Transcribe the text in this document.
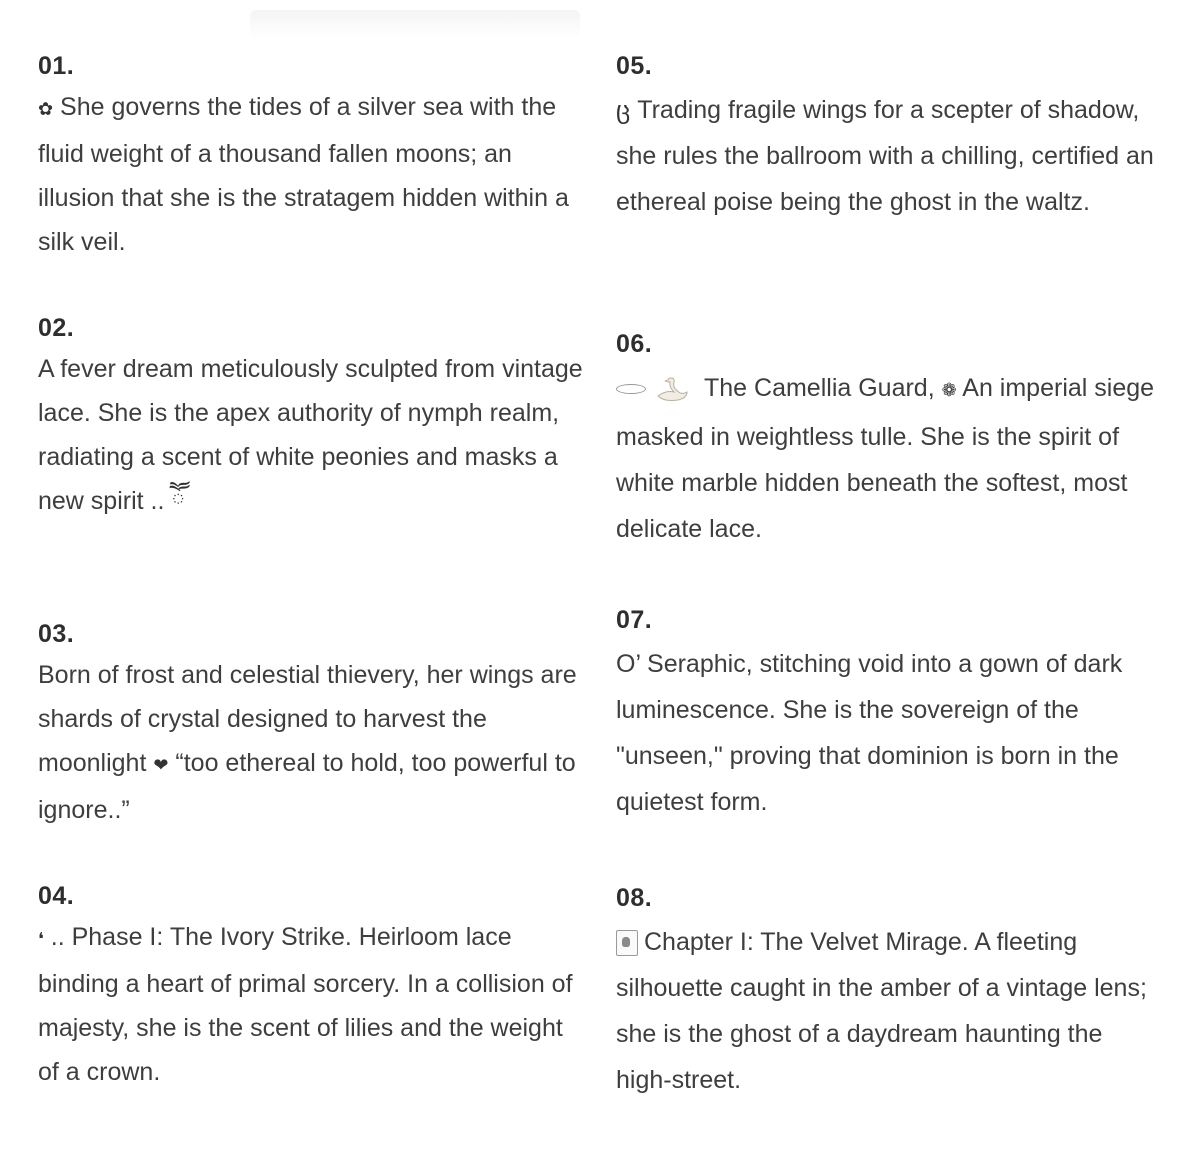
01.

✿ She governs the tides of a silver sea with the fluid weight of a thousand fallen moons; an illusion that she is the stratagem hidden within a silk veil.

02.

A fever dream meticulously sculpted from vintage lace. She is the apex authority of nymph realm, radiating a scent of white peonies and masks a new spirit .. ཽ

03.

Born of frost and celestial thievery, her wings are shards of crystal designed to harvest the moonlight ❤ “too ethereal to hold, too powerful to ignore..”

04.

❛ .. Phase I: The Ivory Strike. Heirloom lace binding a heart of primal sorcery. In a collision of majesty, she is the scent of lilies and the weight of a crown.

05.

ც Trading fragile wings for a scepter of shadow, she rules the ballroom with a chilling, certified an ethereal poise being the ghost in the waltz.

06.

The Camellia Guard, ❁ An imperial siege masked in weightless tulle. She is the spirit of white marble hidden beneath the softest, most delicate lace.

07.

O’ Seraphic, stitching void into a gown of dark luminescence. She is the sovereign of the "unseen," proving that dominion is born in the quietest form.

08.

Chapter I: The Velvet Mirage. A fleeting silhouette caught in the amber of a vintage lens; she is the ghost of a daydream haunting the high-street.
